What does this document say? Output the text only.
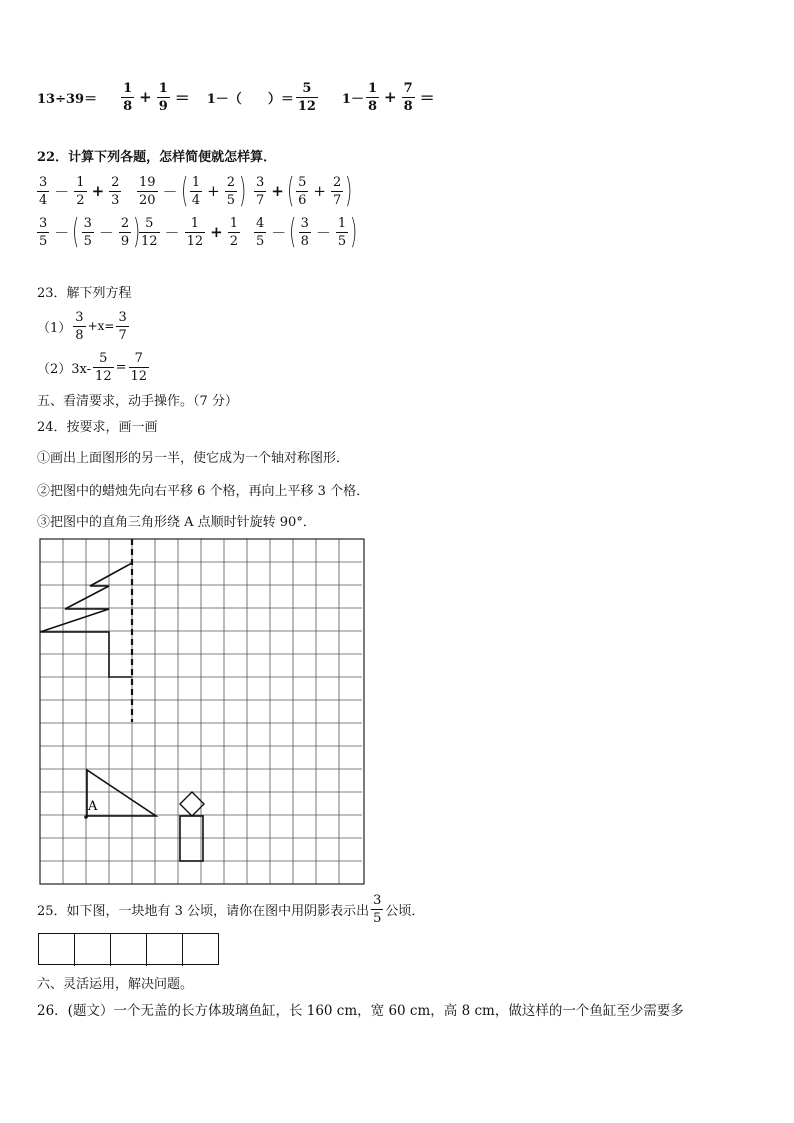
$13\div 39= \frac{1}{8} + \frac{1}{9} = 1-$（ ）＝ $\frac{5}{12} 1- \frac{1}{8} + \frac{7}{8}$ ＝
22．计算下列各题，怎样简便就怎样算．
$\frac{3}{4} - \frac{1}{2} + \frac{2}{3} \frac{19}{20}$ － ( $\frac{1}{4} + \frac{2}{5}$ ) $\frac{3}{7}$ + ( $\frac{5}{6} + \frac{2}{7}$ )
$\frac{3}{5}$ － ( $\frac{3}{5} - \frac{2}{9}$ )
$\frac{5}{12} - \frac{1}{12} + \frac{1}{2} \frac{4}{5}$ － ( $\frac{3}{8} - \frac{1}{5}$ )
23．解下列方程
$(1) \frac{3}{8} +x= \frac{3}{7}$
$(2)3x- \frac{5}{12} = \frac{7}{12}$
五、看清要求，动手操作。（7 分）
24．按要求，画一画
①画出上面图形的另一半，使它成为一个轴对称图形．
②把图中的蜡烛先向右平移 6 个格，再向上平移 3 个格．
③把图中的直角三角形绕 A 点顺时针旋转 90°．
A
25．如下图，一块地有 3 公顷，请你在图中用阴影表示出 $\frac{3}{5}$ 公顷．
六、灵活运用，解决问题。
26．(题文）一个无盖的长方体玻璃鱼缸，长 160 cm，宽 60 cm，高 8 cm，做这样的一个鱼缸至少需要多
